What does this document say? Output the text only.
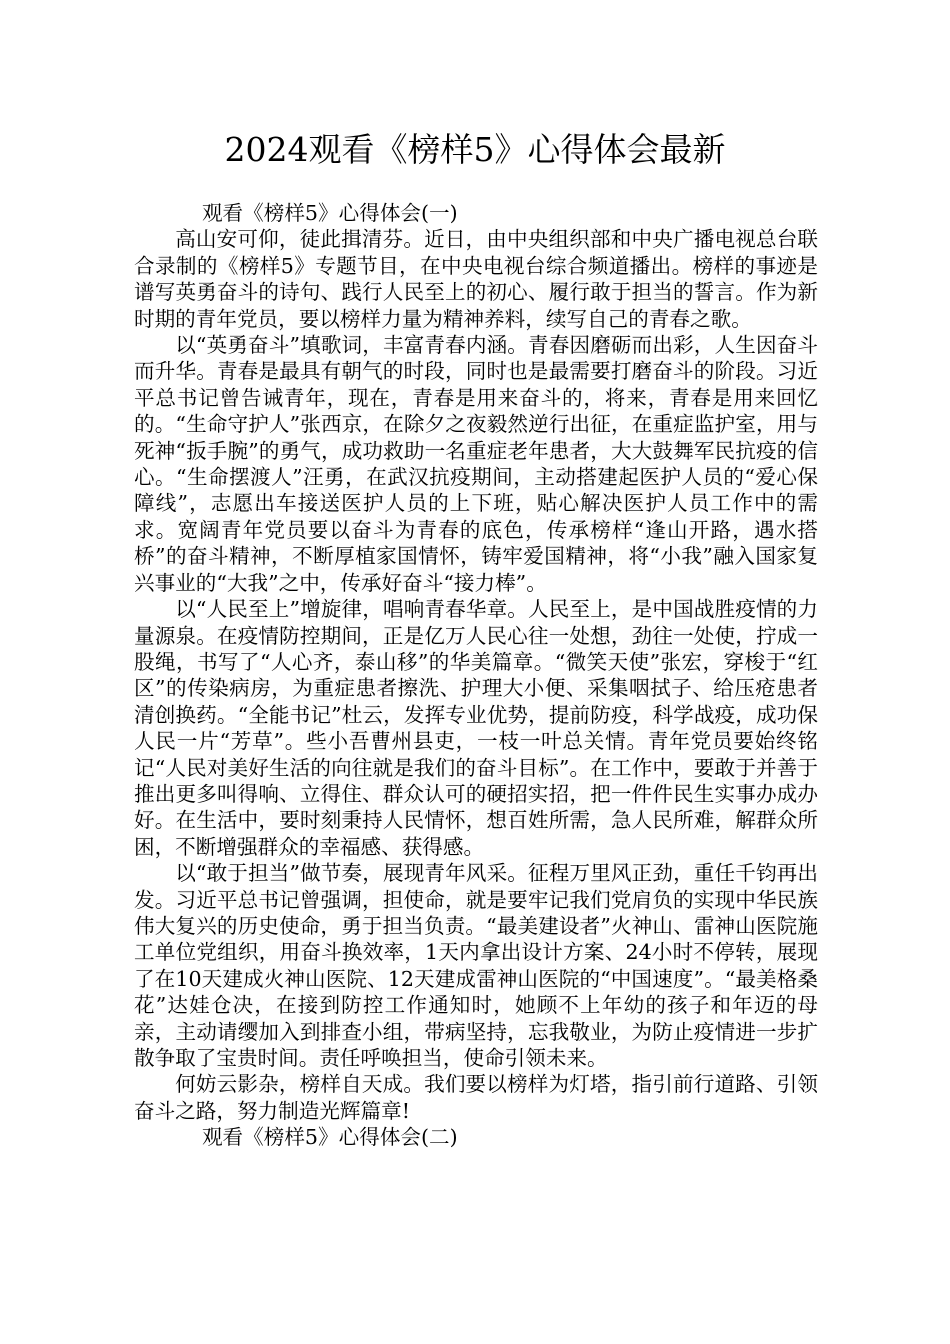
2024观看《榜样5》心得体会最新

观看《榜样5》心得体会(一)

高山安可仰，徒此揖清芬。近日，由中央组织部和中央广播电视总台联合录制的《榜样5》专题节目，在中央电视台综合频道播出。榜样的事迹是谱写英勇奋斗的诗句、践行人民至上的初心、履行敢于担当的誓言。作为新时期的青年党员，要以榜样力量为精神养料，续写自己的青春之歌。

以“英勇奋斗”填歌词，丰富青春内涵。青春因磨砺而出彩，人生因奋斗而升华。青春是最具有朝气的时段，同时也是最需要打磨奋斗的阶段。习近平总书记曾告诫青年，现在，青春是用来奋斗的，将来，青春是用来回忆的。“生命守护人”张西京，在除夕之夜毅然逆行出征，在重症监护室，用与死神“扳手腕”的勇气，成功救助一名重症老年患者，大大鼓舞军民抗疫的信心。“生命摆渡人”汪勇，在武汉抗疫期间，主动搭建起医护人员的“爱心保障线”，志愿出车接送医护人员的上下班，贴心解决医护人员工作中的需求。宽阔青年党员要以奋斗为青春的底色，传承榜样“逢山开路，遇水搭桥”的奋斗精神，不断厚植家国情怀，铸牢爱国精神，将“小我”融入国家复兴事业的“大我”之中，传承好奋斗“接力棒”。

以“人民至上”增旋律，唱响青春华章。人民至上，是中国战胜疫情的力量源泉。在疫情防控期间，正是亿万人民心往一处想，劲往一处使，拧成一股绳，书写了“人心齐，泰山移”的华美篇章。“微笑天使”张宏，穿梭于“红区”的传染病房，为重症患者擦洗、护理大小便、采集咽拭子、给压疮患者清创换药。“全能书记”杜云，发挥专业优势，提前防疫，科学战疫，成功保人民一片“芳草”。些小吾曹州县吏，一枝一叶总关情。青年党员要始终铭记“人民对美好生活的向往就是我们的奋斗目标”。在工作中，要敢于并善于推出更多叫得响、立得住、群众认可的硬招实招，把一件件民生实事办成办好。在生活中，要时刻秉持人民情怀，想百姓所需，急人民所难，解群众所困，不断增强群众的幸福感、获得感。

以“敢于担当”做节奏，展现青年风采。征程万里风正劲，重任千钧再出发。习近平总书记曾强调，担使命，就是要牢记我们党肩负的实现中华民族伟大复兴的历史使命，勇于担当负责。“最美建设者”火神山、雷神山医院施工单位党组织，用奋斗换效率，1天内拿出设计方案、24小时不停转，展现了在10天建成火神山医院、12天建成雷神山医院的“中国速度”。“最美格桑花”达娃仓决，在接到防控工作通知时，她顾不上年幼的孩子和年迈的母亲，主动请缨加入到排查小组，带病坚持，忘我敬业，为防止疫情进一步扩散争取了宝贵时间。责任呼唤担当，使命引领未来。

何妨云影杂，榜样自天成。我们要以榜样为灯塔，指引前行道路、引领奋斗之路，努力制造光辉篇章!

观看《榜样5》心得体会(二)
